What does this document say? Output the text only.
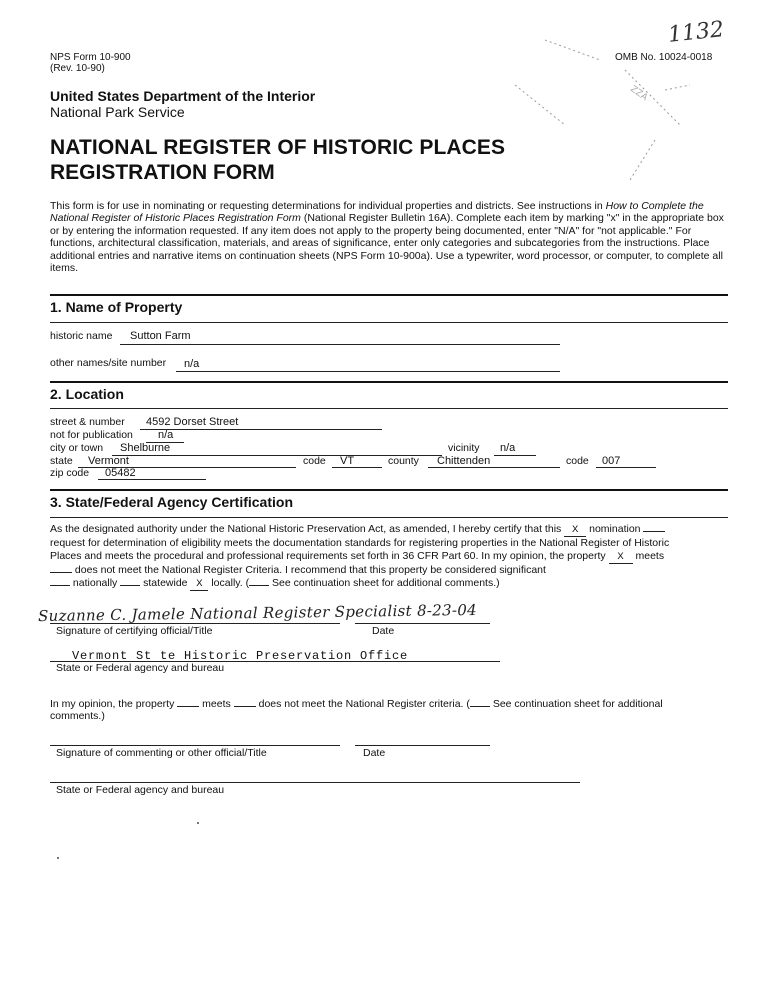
NPS Form 10-900
(Rev. 10-90)
OMB No. 10024-0018
1132
ZZA
United States Department of the Interior
National Park Service
NATIONAL REGISTER OF HISTORIC PLACES
REGISTRATION FORM
This form is for use in nominating or requesting determinations for individual properties and districts. See instructions in How to Complete the National Register of Historic Places Registration Form (National Register Bulletin 16A). Complete each item by marking "x" in the appropriate box or by entering the information requested. If any item does not apply to the property being documented, enter "N/A" for "not applicable." For functions, architectural classification, materials, and areas of significance, enter only categories and subcategories from the instructions. Place additional entries and narrative items on continuation sheets (NPS Form 10-900a). Use a typewriter, word processor, or computer, to complete all items.
1. Name of Property
historic name Sutton Farm
other names/site number n/a
2. Location
street & number 4592 Dorset Street
not for publication n/a
city or town Shelburne	vicinity n/a
state Vermont	code VT	county Chittenden	code 007
zip code 05482
3. State/Federal Agency Certification
As the designated authority under the National Historic Preservation Act, as amended, I hereby certify that this X nomination
request for determination of eligibility meets the documentation standards for registering properties in the National Register of Historic
Places and meets the procedural and professional requirements set forth in 36 CFR Part 60. In my opinion, the property X meets
does not meet the National Register Criteria. I recommend that this property be considered significant
nationally statewide X locally. ( See continuation sheet for additional comments.)
Suzanne C. Jamele National Register Specialist 8-23-04
Signature of certifying official/Title	Date
Vermont St te Historic Preservation Office
State or Federal agency and bureau
In my opinion, the property	meets	does not meet the National Register criteria. ( See continuation sheet for additional
comments.)
Signature of commenting or other official/Title	Date
State or Federal agency and bureau
